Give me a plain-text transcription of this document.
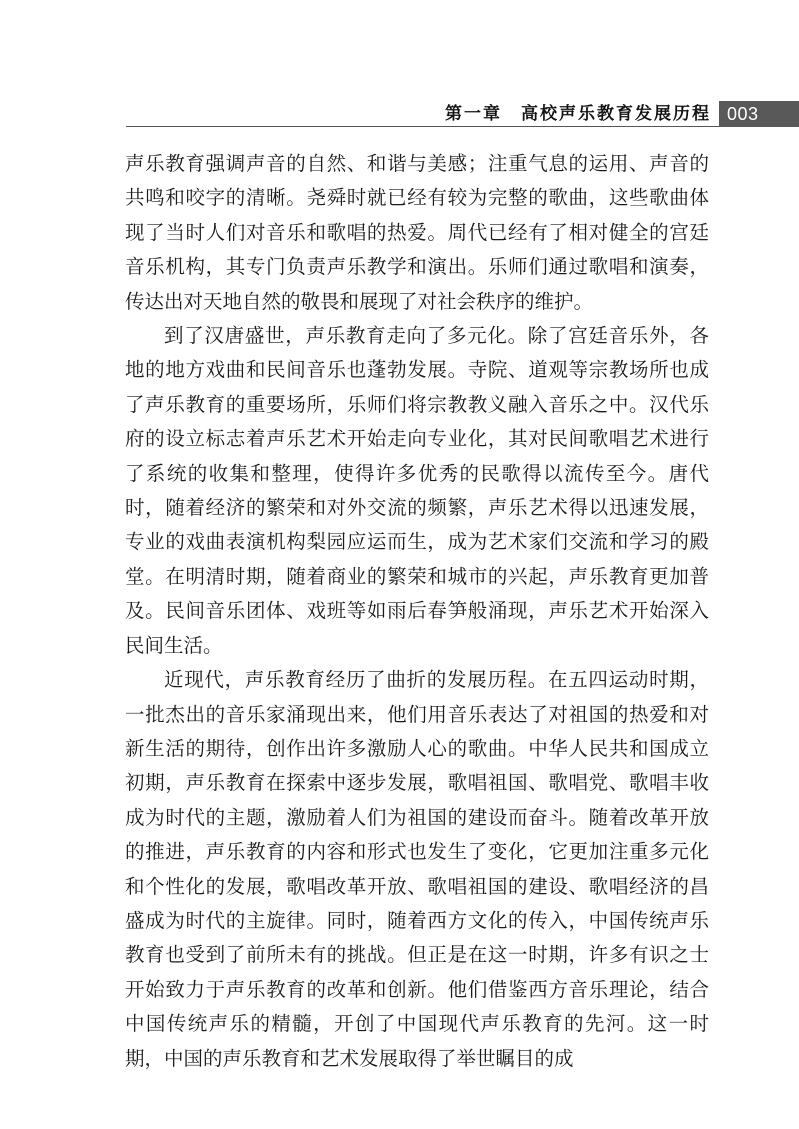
第一章　高校声乐教育发展历程 003

声乐教育强调声音的自然、和谐与美感；注重气息的运用、声音的共鸣和咬字的清晰。尧舜时就已经有较为完整的歌曲，这些歌曲体现了当时人们对音乐和歌唱的热爱。周代已经有了相对健全的宫廷音乐机构，其专门负责声乐教学和演出。乐师们通过歌唱和演奏，传达出对天地自然的敬畏和展现了对社会秩序的维护。

到了汉唐盛世，声乐教育走向了多元化。除了宫廷音乐外，各地的地方戏曲和民间音乐也蓬勃发展。寺院、道观等宗教场所也成了声乐教育的重要场所，乐师们将宗教教义融入音乐之中。汉代乐府的设立标志着声乐艺术开始走向专业化，其对民间歌唱艺术进行了系统的收集和整理，使得许多优秀的民歌得以流传至今。唐代时，随着经济的繁荣和对外交流的频繁，声乐艺术得以迅速发展，专业的戏曲表演机构梨园应运而生，成为艺术家们交流和学习的殿堂。在明清时期，随着商业的繁荣和城市的兴起，声乐教育更加普及。民间音乐团体、戏班等如雨后春笋般涌现，声乐艺术开始深入民间生活。

近现代，声乐教育经历了曲折的发展历程。在五四运动时期，一批杰出的音乐家涌现出来，他们用音乐表达了对祖国的热爱和对新生活的期待，创作出许多激励人心的歌曲。中华人民共和国成立初期，声乐教育在探索中逐步发展，歌唱祖国、歌唱党、歌唱丰收成为时代的主题，激励着人们为祖国的建设而奋斗。随着改革开放的推进，声乐教育的内容和形式也发生了变化，它更加注重多元化和个性化的发展，歌唱改革开放、歌唱祖国的建设、歌唱经济的昌盛成为时代的主旋律。同时，随着西方文化的传入，中国传统声乐教育也受到了前所未有的挑战。但正是在这一时期，许多有识之士开始致力于声乐教育的改革和创新。他们借鉴西方音乐理论，结合中国传统声乐的精髓，开创了中国现代声乐教育的先河。这一时期，中国的声乐教育和艺术发展取得了举世瞩目的成
